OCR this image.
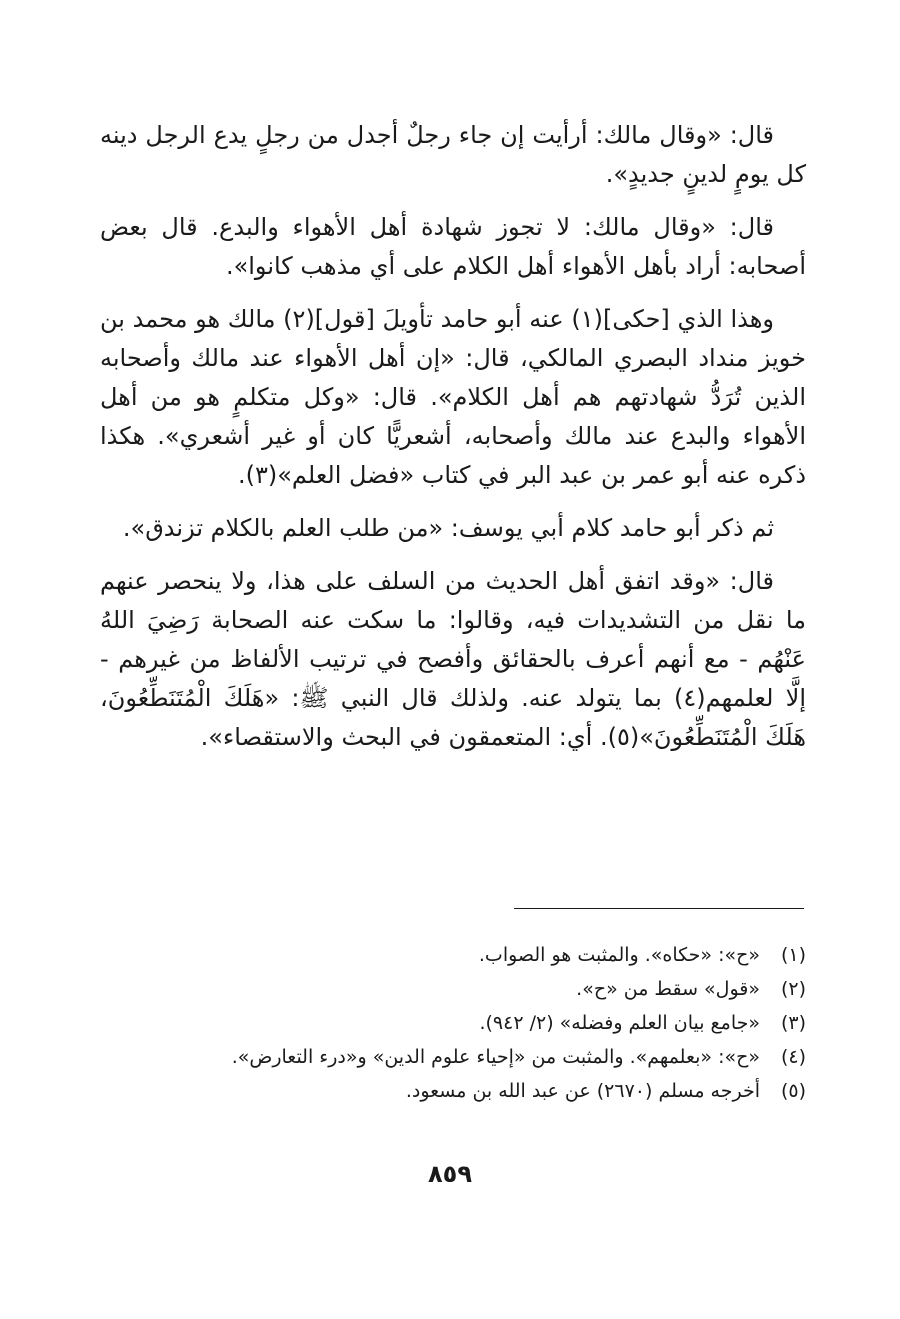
قال: «وقال مالك: أرأيت إن جاء رجلٌ أجدل من رجلٍ يدع الرجل دينه كل يومٍ لدينٍ جديدٍ».

قال: «وقال مالك: لا تجوز شهادة أهل الأهواء والبدع. قال بعض أصحابه: أراد بأهل الأهواء أهل الكلام على أي مذهب كانوا».

وهذا الذي [حكى](١) عنه أبو حامد تأويلَ [قول](٢) مالك هو محمد بن خويز منداد البصري المالكي، قال: «إن أهل الأهواء عند مالك وأصحابه الذين تُرَدُّ شهادتهم هم أهل الكلام». قال: «وكل متكلمٍ هو من أهل الأهواء والبدع عند مالك وأصحابه، أشعريًّا كان أو غير أشعري». هكذا ذكره عنه أبو عمر بن عبد البر في كتاب «فضل العلم»(٣).

ثم ذكر أبو حامد كلام أبي يوسف: «من طلب العلم بالكلام تزندق».

قال: «وقد اتفق أهل الحديث من السلف على هذا، ولا ينحصر عنهم ما نقل من التشديدات فيه، وقالوا: ما سكت عنه الصحابة رَضِيَ اللهُ عَنْهُم - مع أنهم أعرف بالحقائق وأفصح في ترتيب الألفاظ من غيرهم - إلَّا لعلمهم(٤) بما يتولد عنه. ولذلك قال النبي ﷺ: «هَلَكَ الْمُتَنَطِّعُونَ، هَلَكَ الْمُتَنَطِّعُونَ»(٥). أي: المتعمقون في البحث والاستقصاء».

(١)
«ح»: «حكاه». والمثبت هو الصواب.
(٢)
«قول» سقط من «ح».
(٣)
«جامع بيان العلم وفضله» (٢/ ٩٤٢).
(٤)
«ح»: «بعلمهم». والمثبت من «إحياء علوم الدين» و«درء التعارض».
(٥)
أخرجه مسلم (٢٦٧٠) عن عبد الله بن مسعود.
٨٥٩
